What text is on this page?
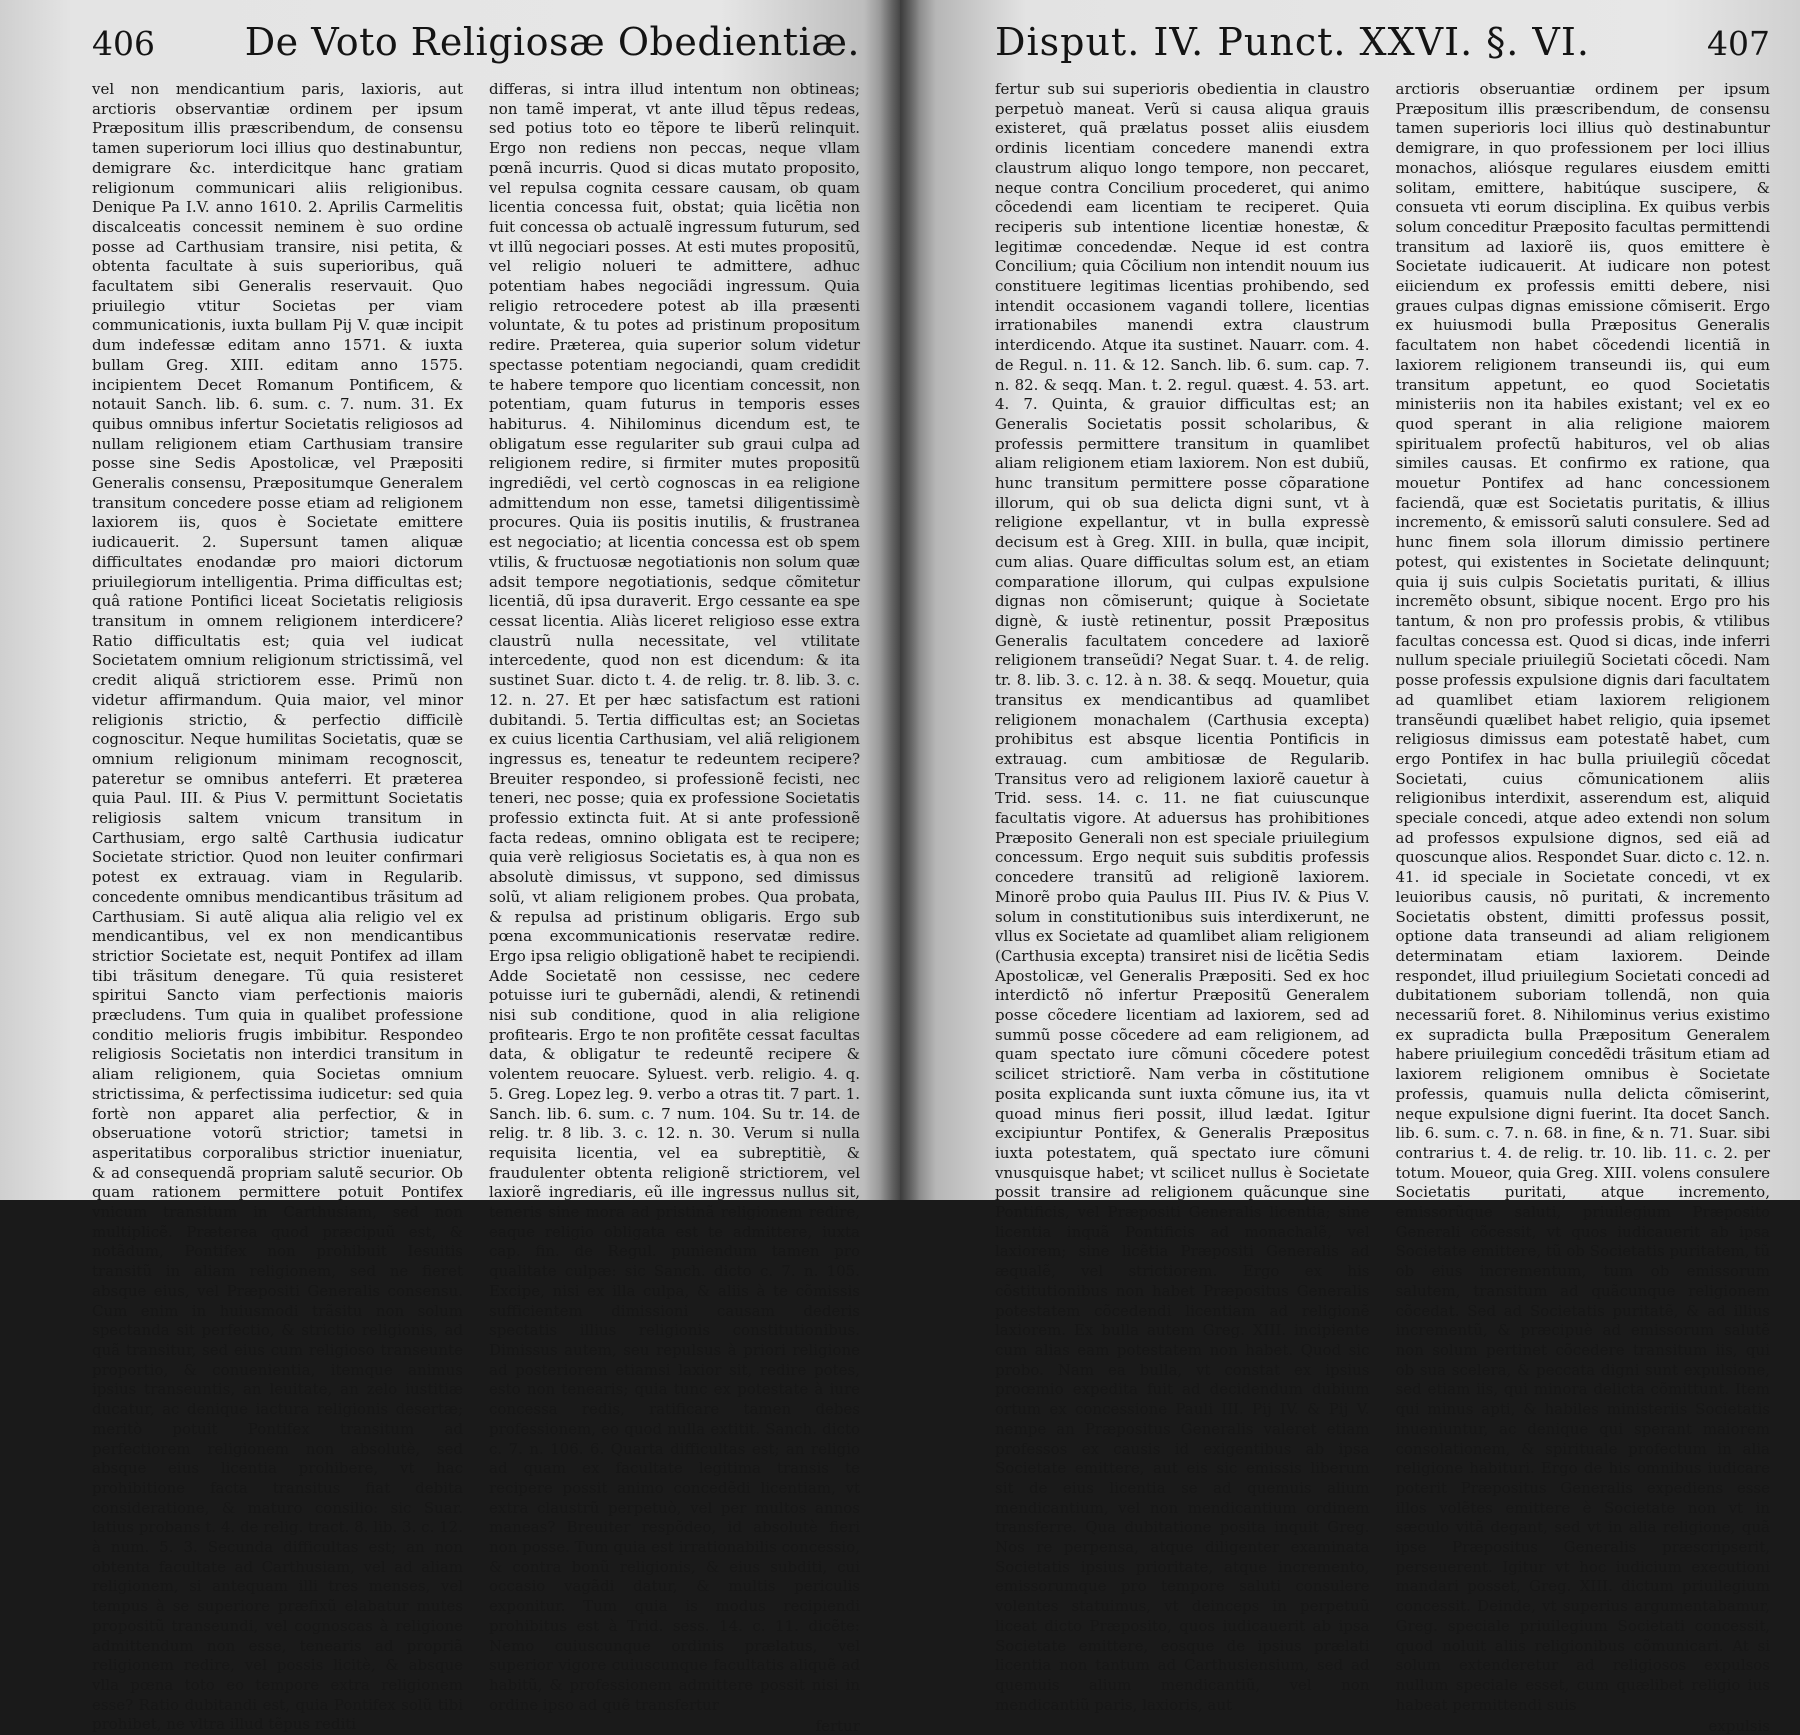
406 De Voto Religiosæ Obedientiæ.

vel non mendicantium paris, laxioris, aut arctioris observantiæ ordinem per ipsum Præpositum illis præscribendum, de consensu tamen superiorum loci illius quo destinabuntur, demigrare &c. interdicitque hanc gratiam religionum communicari aliis religionibus. Denique Pa I.V. anno 1610. 2. Aprilis Carmelitis discalceatis concessit neminem è suo ordine posse ad Carthusiam transire, nisi petita, & obtenta facultate à suis superioribus, quã facultatem sibi Generalis reservauit. Quo priuilegio vtitur Societas per viam communicationis, iuxta bullam Pij V. quæ incipit dum indefessæ editam anno 1571. & iuxta bullam Greg. XIII. editam anno 1575. incipientem Decet Romanum Pontificem, & notauit Sanch. lib. 6. sum. c. 7. num. 31. Ex quibus omnibus infertur Societatis religiosos ad nullam religionem etiam Carthusiam transire posse sine Sedis Apostolicæ, vel Præpositi Generalis consensu, Præpositumque Generalem transitum concedere posse etiam ad religionem laxiorem iis, quos è Societate emittere iudicauerit. 2. Supersunt tamen aliquæ difficultates enodandæ pro maiori dictorum priuilegiorum intelligentia. Prima difficultas est; quâ ratione Pontifici liceat Societatis religiosis transitum in omnem religionem interdicere? Ratio difficultatis est; quia vel iudicat Societatem omnium religionum strictissimã, vel credit aliquã strictiorem esse. Primũ non videtur affirmandum. Quia maior, vel minor religionis strictio, & perfectio difficilè cognoscitur. Neque humilitas Societatis, quæ se omnium religionum minimam recognoscit, pateretur se omnibus anteferri. Et præterea quia Paul. III. & Pius V. permittunt Societatis religiosis saltem vnicum transitum in Carthusiam, ergo saltê Carthusia iudicatur Societate strictior. Quod non leuiter confirmari potest ex extrauag. viam in Regularib. concedente omnibus mendicantibus trãsitum ad Carthusiam. Si autẽ aliqua alia religio vel ex mendicantibus, vel ex non mendicantibus strictior Societate est, nequit Pontifex ad illam tibi trãsitum denegare. Tũ quia resisteret spiritui Sancto viam perfectionis maioris præcludens. Tum quia in qualibet professione conditio melioris frugis imbibitur. Respondeo religiosis Societatis non interdici transitum in aliam religionem, quia Societas omnium strictissima, & perfectissima iudicetur: sed quia fortè non apparet alia perfectior, & in obseruatione votorũ strictior; tametsi in asperitatibus corporalibus strictior inueniatur, & ad consequendã propriam salutẽ securior. Ob quam rationem permittere potuit Pontifex vnicum transitum in Carthusiam, sed non multiplicẽ. Præterea quod præcipuũ est, & notãdum, Pontifex non prohibuit Iesuitis transitũ in aliam religionem, sed ne fieret absque eius, vel Præpositi Generalis consensu. Cum enim in huiusmodi trãsitu non solum spectanda sit perfectio, & strictio religionis, ad quã transitur, sed eius cum religioso transeunte proportio, & conuenientia, itemque animus ipsius transeuntis, an leuitate, an zelo iustitiæ ducatur, ac denique iactura religionis desertæ; meritò potuit Pontifex transitum ad perfectiorem religionem non absolutè, sed absque eius licentia prohibere, vt hac prohibitione facta transitus fiat debita consideratione, & maturo consilio: sic Suar. latius probans t. 4. de relig. tract. 8. lib. 3. c. 12. à num. 5. 3. Secunda difficultas est; an non obtenta facultate ad Carthusiam, vel ad aliam religionem, si antequam illi tres menses, vel tempus à se superiore præfixũ elabatur mutes propositũ transeundi, vel cognoscas à religione admittendum non esse, tenearis ad propriã religionem redire, vel possis licitè, & absque vlla pœna toto eo tempore extra religionem esse? Ratio dubitandi est, quia Pontifex solũ tibi prohibet, ne vltra illud tẽpus rediti

differas, si intra illud intentum non obtineas; non tamẽ imperat, vt ante illud tẽpus redeas, sed potius toto eo tẽpore te liberũ relinquit. Ergo non rediens non peccas, neque vllam pœnã incurris. Quod si dicas mutato proposito, vel repulsa cognita cessare causam, ob quam licentia concessa fuit, obstat; quia licẽtia non fuit concessa ob actualẽ ingressum futurum, sed vt illũ negociari posses. At esti mutes propositũ, vel religio nolueri te admittere, adhuc potentiam habes negociãdi ingressum. Quia religio retrocedere potest ab illa præsenti voluntate, & tu potes ad pristinum propositum redire. Præterea, quia superior solum videtur spectasse potentiam negociandi, quam credidit te habere tempore quo licentiam concessit, non potentiam, quam futurus in temporis esses habiturus. 4. Nihilominus dicendum est, te obligatum esse regulariter sub graui culpa ad religionem redire, si firmiter mutes propositũ ingrediẽdi, vel certò cognoscas in ea religione admittendum non esse, tametsi diligentissimè procures. Quia iis positis inutilis, & frustranea est negociatio; at licentia concessa est ob spem vtilis, & fructuosæ negotiationis non solum quæ adsit tempore negotiationis, sedque cõmitetur licentiã, dũ ipsa duraverit. Ergo cessante ea spe cessat licentia. Aliàs liceret religioso esse extra claustrũ nulla necessitate, vel vtilitate intercedente, quod non est dicendum: & ita sustinet Suar. dicto t. 4. de relig. tr. 8. lib. 3. c. 12. n. 27. Et per hæc satisfactum est rationi dubitandi. 5. Tertia difficultas est; an Societas ex cuius licentia Carthusiam, vel aliã religionem ingressus es, teneatur te redeuntem recipere? Breuiter respondeo, si professionẽ fecisti, nec teneri, nec posse; quia ex professione Societatis professio extincta fuit. At si ante professionẽ facta redeas, omnino obligata est te recipere; quia verè religiosus Societatis es, à qua non es absolutè dimissus, vt suppono, sed dimissus solũ, vt aliam religionem probes. Qua probata, & repulsa ad pristinum obligaris. Ergo sub pœna excommunicationis reservatæ redire. Ergo ipsa religio obligationẽ habet te recipiendi. Adde Societatẽ non cessisse, nec cedere potuisse iuri te gubernãdi, alendi, & retinendi nisi sub conditione, quod in alia religione profitearis. Ergo te non profitẽte cessat facultas data, & obligatur te redeuntẽ recipere & volentem reuocare. Syluest. verb. religio. 4. q. 5. Greg. Lopez leg. 9. verbo a otras tit. 7 part. 1. Sanch. lib. 6. sum. c. 7 num. 104. Su tr. 14. de relig. tr. 8 lib. 3. c. 12. n. 30. Verum si nulla requisita licentia, vel ea subreptitiè, & fraudulenter obtenta religionẽ strictiorem, vel laxiorẽ ingrediaris, eũ ille ingressus nullus sit, teneris sine mora ad pristinã religionem redire, eaque religio obligata est te admittere, iuxta cap. fin. de Regul. puniendum tamen pro qualitate culpæ: sic Sanch. dicto c. 7. n. 105. Excipe, nisi ex illa culpa, & aliis à te cõmissis sufficientem dimissioni causam dederis spectatis illius religionis constitutionibus. Dimissus autem, seu repulsus à priori religione ad posteriorem etiamsi laxior sit, redire potes, esto non tenearis; quia tunc ex potestate à iure concessa redis, ratificare tamen debes professionem, eo quod nulla extitit. Sanch. dicto c. 7. n. 106. 6. Quarta difficultas est; an religio ad quam ex facultate legitima transis te recipere possit animo concedẽdi licentiam, vt extra claustrũ perpetuò, vel per multos annos maneas? Breuiter respõdeo, id absolutè fieri non posse. Tum quia est irrationabilis concessio, & contra bonũ religionis, & eius subditi, cui occasio vagãdi datur, & multis periculis exponitur. Tum quia is modus recipiendi prohibitus est à Trid. sess. 14. c. 11. dicẽte: Nemo cuiuscunque ordinis prælatus, vel superior vigore cuiuscunque facultatis aliquẽ ad habitũ, & professionem admittere possit nisi in ordine ipso ad quẽ transfertur

fertur
Disput. IV. Punct. XXVI. §. VI.	407

fertur sub sui superioris obedientia in claustro perpetuò maneat. Verũ si causa aliqua grauis existeret, quã prælatus posset aliis eiusdem ordinis licentiam concedere manendi extra claustrum aliquo longo tempore, non peccaret, neque contra Concilium procederet, qui animo cõcedendi eam licentiam te reciperet. Quia reciperis sub intentione licentiæ honestæ, & legitimæ concedendæ. Neque id est contra Concilium; quia Cõcilium non intendit nouum ius constituere legitimas licentias prohibendo, sed intendit occasionem vagandi tollere, licentias irrationabiles manendi extra claustrum interdicendo. Atque ita sustinet. Nauarr. com. 4. de Regul. n. 11. & 12. Sanch. lib. 6. sum. cap. 7. n. 82. & seqq. Man. t. 2. regul. quæst. 4. 53. art. 4. 7. Quinta, & grauior difficultas est; an Generalis Societatis possit scholaribus, & professis permittere transitum in quamlibet aliam religionem etiam laxiorem. Non est dubiũ, hunc transitum permittere posse cõparatione illorum, qui ob sua delicta digni sunt, vt à religione expellantur, vt in bulla expressè decisum est à Greg. XIII. in bulla, quæ incipit, cum alias. Quare difficultas solum est, an etiam comparatione illorum, qui culpas expulsione dignas non cõmiserunt; quique à Societate dignè, & iustè retinentur, possit Præpositus Generalis facultatem concedere ad laxiorẽ religionem transeũdi? Negat Suar. t. 4. de relig. tr. 8. lib. 3. c. 12. à n. 38. & seqq. Mouetur, quia transitus ex mendicantibus ad quamlibet religionem monachalem (Carthusia excepta) prohibitus est absque licentia Pontificis in extrauag. cum ambitiosæ de Regularib. Transitus vero ad religionem laxiorẽ cauetur à Trid. sess. 14. c. 11. ne fiat cuiuscunque facultatis vigore. At aduersus has prohibitiones Præposito Generali non est speciale priuilegium concessum. Ergo nequit suis subditis professis concedere transitũ ad religionẽ laxiorem. Minorẽ probo quia Paulus III. Pius IV. & Pius V. solum in constitutionibus suis interdixerunt, ne vllus ex Societate ad quamlibet aliam religionem (Carthusia excepta) transiret nisi de licẽtia Sedis Apostolicæ, vel Generalis Præpositi. Sed ex hoc interdictõ nõ infertur Præpositũ Generalem posse cõcedere licentiam ad laxiorem, sed ad summũ posse cõcedere ad eam religionem, ad quam spectato iure cõmuni cõcedere potest scilicet strictiorẽ. Nam verba in cõstitutione posita explicanda sunt iuxta cõmune ius, ita vt quoad minus fieri possit, illud lædat. Igitur excipiuntur Pontifex, & Generalis Præpositus iuxta potestatem, quã spectato iure cõmuni vnusquisque habet; vt scilicet nullus è Societate possit transire ad religionem quãcunque sine Pontificis, vel Præpositi Generalis licentia; sine licentia inquã Pontificis ad monachalẽ, vel laxiorem; sine licẽtia Præpositi Generalis ad æqualẽ, vel strictiorem. Ergo ex his cõstitutionibus non habet Præpositus Generalis potestatem cõcedendi licentiam ad religionẽ laxiorem. Ex bulla autem Greg. XIII. incipiente cum alias eam potestatem non habet. Quod sic probo. Nam ea bulla, vt constat ex ipsius proœmio expedita fuit ad decidendum dubium ortum ex concessione Pauli III. Pij IV. & Pij V. nempe an Præpositus Generalis valeret etiam professos ex causis id exigentibus ab ipsa Societate emittere, aut eis sic emissis liberum sit de eius licentia se ad quemuis alium mendicantium, vel non mendicantium ordinem transferre. Qua dubitatione posita inquit Greg. Nos re perpensa, atque diligenter examinata Societatis ipsius prioritate, atque incremento, emissorumque pro tempore saluti consulere volentes statuimus, vt deinceps in perpetuũ liceat dicto Præposito, quos iudicauerit ab ipsa Societate emittere, eosque de ipsius prælati licentia non tantum ad Carthusiensium, sed ad quemuis alium mendicantiũ, vel non mendicantiũ paris, laxioris, aut

arctioris obseruantiæ ordinem per ipsum Præpositum illis præscribendum, de consensu tamen superioris loci illius quò destinabuntur demigrare, in quo professionem per loci illius monachos, aliósque regulares eiusdem emitti solitam, emittere, habitúque suscipere, & consueta vti eorum disciplina. Ex quibus verbis solum conceditur Præposito facultas permittendi transitum ad laxiorẽ iis, quos emittere è Societate iudicauerit. At iudicare non potest eiiciendum ex professis emitti debere, nisi graues culpas dignas emissione cõmiserit. Ergo ex huiusmodi bulla Præpositus Generalis facultatem non habet cõcedendi licentiã in laxiorem religionem transeundi iis, qui eum transitum appetunt, eo quod Societatis ministeriis non ita habiles existant; vel ex eo quod sperant in alia religione maiorem spiritualem profectũ habituros, vel ob alias similes causas. Et confirmo ex ratione, qua mouetur Pontifex ad hanc concessionem faciendã, quæ est Societatis puritatis, & illius incremento, & emissorũ saluti consulere. Sed ad hunc finem sola illorum dimissio pertinere potest, qui existentes in Societate delinquunt; quia ij suis culpis Societatis puritati, & illius incremẽto obsunt, sibique nocent. Ergo pro his tantum, & non pro professis probis, & vtilibus facultas concessa est. Quod si dicas, inde inferri nullum speciale priuilegiũ Societati cõcedi. Nam posse professis expulsione dignis dari facultatem ad quamlibet etiam laxiorem religionem transẽundi quælibet habet religio, quia ipsemet religiosus dimissus eam potestatẽ habet, cum ergo Pontifex in hac bulla priuilegiũ cõcedat Societati, cuius cõmunicationem aliis religionibus interdixit, asserendum est, aliquid speciale concedi, atque adeo extendi non solum ad professos expulsione dignos, sed eiã ad quoscunque alios. Respondet Suar. dicto c. 12. n. 41. id speciale in Societate concedi, vt ex leuioribus causis, nõ puritati, & incremento Societatis obstent, dimitti professus possit, optione data transeundi ad aliam religionem determinatam etiam laxiorem. Deinde respondet, illud priuilegium Societati concedi ad dubitationem suboriam tollendã, non quia necessariũ foret. 8. Nihilominus verius existimo ex supradicta bulla Præpositum Generalem habere priuilegium concedẽdi trãsitum etiam ad laxiorem religionem omnibus è Societate professis, quamuis nulla delicta cõmiserint, neque expulsione digni fuerint. Ita docet Sanch. lib. 6. sum. c. 7. n. 68. in fine, & n. 71. Suar. sibi contrarius t. 4. de relig. tr. 10. lib. 11. c. 2. per totum. Moueor, quia Greg. XIII. volens consulere Societatis puritati, atque incremento, emissorũque saluti, priuilegium Præposito Generali cõcessit, vt quos iudicauerit ab ipsa Societate emittere, tũ ob Societatis puritatem, tũ ob eius incrementum, tum ob emissorum salutem, transitum ad quãcunque religionem cõcedat. Sed ad Societatis puritatẽ, & ad illius incrementũ, & præcipuè ad emissorum salutẽ non solum pertinet cõcedere transitum iis, qui ob sua scelera, & peccata digni sunt expulsione, sed etiam iis, qui minora delicta cõmittunt. Item qui minus apti, & habiles ministeriis Societatis inueniuntur, ac denique qui sperant maiorem consolationem, & spirituale profectum in alia religione habituri. Ergo de his omnibus iudicare poterit Præpositus Generalis expediens esse illos volẽtes emittere è Societate non vt in sæculo vitã degant, sed vt in alia religione, quã ipse Præpositus Generalis præscripserit, perseuerent. Igitur vt hoc iudicium executioni mandari posset, Greg. XIII. dictum priuilegium concessit. Deinde, vt superius argumentabamur, Greg. speciale priuilegium Societati concessit, quod noluit aliis religionibus cõmunicari. At si solum extenderetur ad religiosos expulsos nullum speciale esset, cum quælibet religio ius habeat permittendi suis

expulsis
